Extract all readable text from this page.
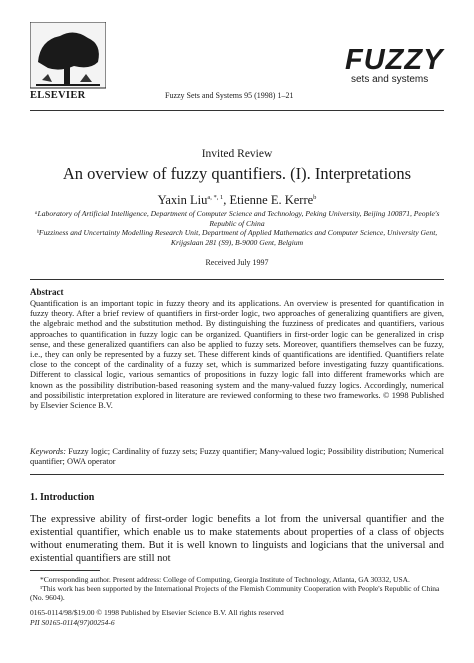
ELSEVIER	Fuzzy Sets and Systems 95 (1998) 1–21
FUZZY
sets and systems
Invited Review
An overview of fuzzy quantifiers. (I). Interpretations
Yaxin Liu$^{a, *, 1}$, Etienne E. Kerre$^b$
ᵃLaboratory of Artificial Intelligence, Department of Computer Science and Technology, Peking University, Beijing 100871, People's Republic of China
ᵇFuzziness and Uncertainty Modelling Research Unit, Department of Applied Mathematics and Computer Science, University Gent, Krijgslaan 281 (S9), B-9000 Gent, Belgium
Received July 1997
Abstract
Quantification is an important topic in fuzzy theory and its applications. An overview is presented for quantification in fuzzy theory. After a brief review of quantifiers in first-order logic, two approaches of generalizing quantifiers are given, the algebraic method and the substitution method. By distinguishing the fuzziness of predicates and quantifiers, various approaches to quantification in fuzzy logic can be organized. Quantifiers in first-order logic can be generalized in crisp sense, and these generalized quantifiers can also be applied to fuzzy sets. Moreover, quantifiers themselves can be fuzzy, i.e., they can only be represented by a fuzzy set. These different kinds of quantifications are identified. Quantifiers relate close to the concept of the cardinality of a fuzzy set, which is summarized before investigating fuzzy quantifications. Different to classical logic, various semantics of propositions in fuzzy logic fall into different frameworks which are known as the possibility distribution-based reasoning system and the many-valued fuzzy logics. Accordingly, numerical and possibilistic interpretation explored in literature are reviewed conforming to these two frameworks. © 1998 Published by Elsevier Science B.V.
Keywords: Fuzzy logic; Cardinality of fuzzy sets; Fuzzy quantifier; Many-valued logic; Possibility distribution; Numerical quantifier; OWA operator
1. Introduction
The expressive ability of first-order logic benefits a lot from the universal quantifier and the existential quantifier, which enable us to make statements about properties of a class of objects without enumerating them. But it is well known to linguists and logicians that the universal and existential quantifiers are still not

*Corresponding author. Present address: College of Computing, Georgia Institute of Technology, Atlanta, GA 30332, USA.

¹This work has been supported by the International Projects of the Flemish Community Cooperation with People's Republic of China (No. 9604).

0165-0114/98/$19.00 © 1998 Published by Elsevier Science B.V. All rights reserved
PII S0165-0114(97)00254-6
